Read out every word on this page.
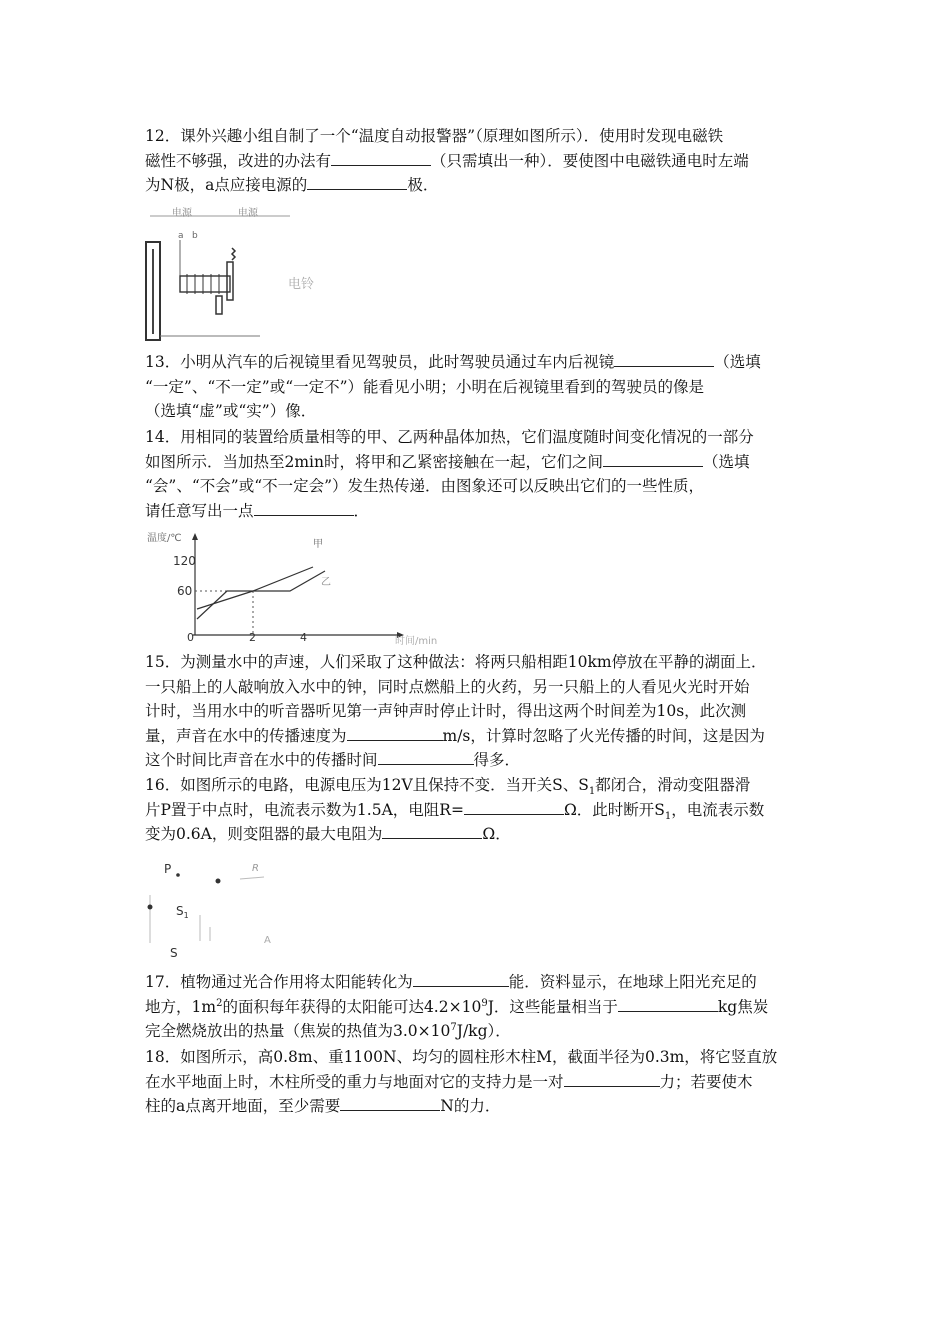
12．课外兴趣小组自制了一个“温度自动报警器”（原理如图所示）．使用时发现电磁铁
磁性不够强，改进的办法有	（只需填出一种）．要使图中电磁铁通电时左端
为N极，a点应接电源的	极．
电源	电源
a b
电铃
13．小明从汽车的后视镜里看见驾驶员，此时驾驶员通过车内后视镜	（选填
“一定”、“不一定”或“一定不”）能看见小明；小明在后视镜里看到的驾驶员的像是
（选填“虚”或“实”）像．
14．用相同的装置给质量相等的甲、乙两种晶体加热，它们温度随时间变化情况的一部分
如图所示．当加热至2min时，将甲和乙紧密接触在一起，它们之间	（选填
“会”、“不会”或“不一定会”）发生热传递．由图象还可以反映出它们的一些性质，
请任意写出一点	．
温度/℃
120
60
0	2	4	时间/min
甲
乙
15．为测量水中的声速，人们采取了这种做法：将两只船相距10km停放在平静的湖面上．
一只船上的人敲响放入水中的钟，同时点燃船上的火药，另一只船上的人看见火光时开始
计时，当用水中的听音器听见第一声钟声时停止计时，得出这两个时间差为10s，此次测
量，声音在水中的传播速度为	m/s，计算时忽略了火光传播的时间，这是因为
这个时间比声音在水中的传播时间	得多．
16．如图所示的电路，电源电压为12V且保持不变．当开关S、$S_1$都闭合，滑动变阻器滑
片P置于中点时，电流表示数为1.5A，电阻R=	Ω．此时断开$S_1$，电流表示数
变为0.6A，则变阻器的最大电阻为	Ω．
P	R
$S_1$
A
S
17．植物通过光合作用将太阳能转化为	能．资料显示，在地球上阳光充足的
地方，$1m^2$的面积每年获得的太阳能可达$4.2\times 10^9J$．这些能量相当于	kg焦炭
完全燃烧放出的热量（焦炭的热值为$3.0\times 10^7J/kg$）．
18．如图所示，高0.8m、重1100N、均匀的圆柱形木柱M，截面半径为0.3m，将它竖直放
在水平地面上时，木柱所受的重力与地面对它的支持力是一对	力；若要使木
柱的a点离开地面，至少需要	N的力．
